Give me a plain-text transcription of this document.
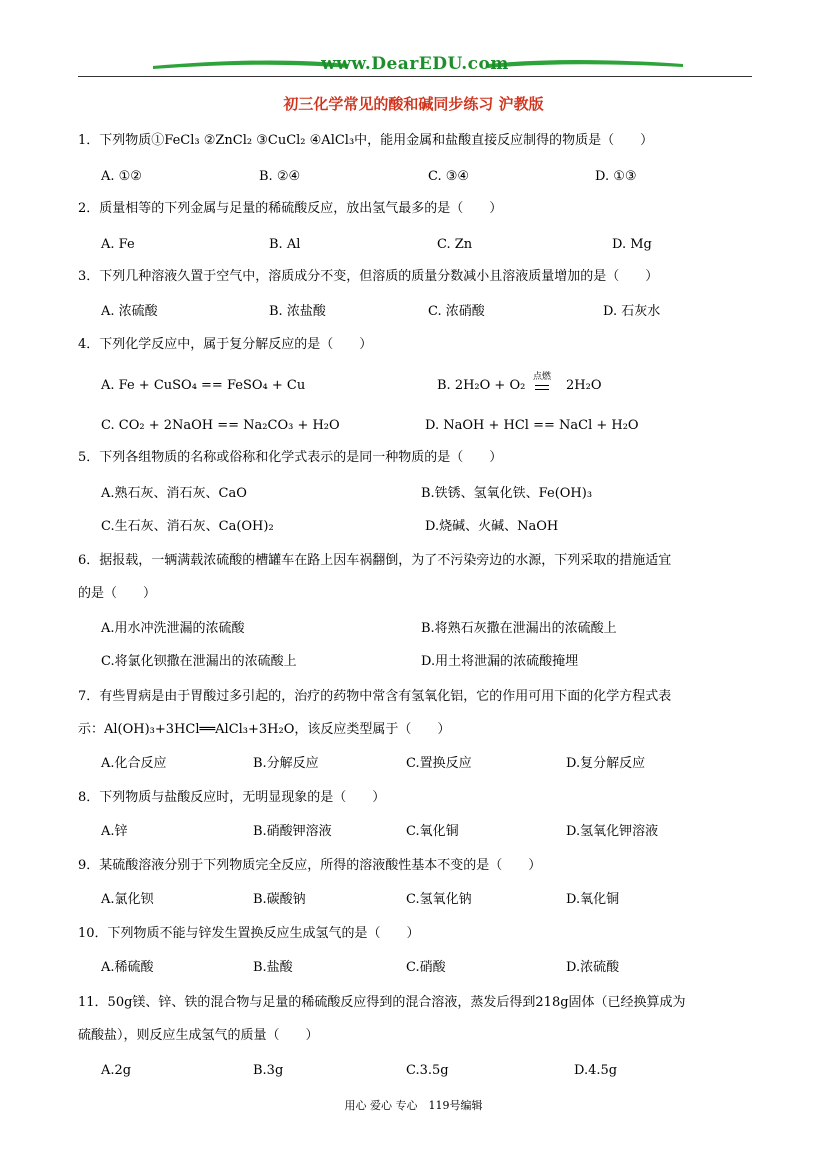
www.DearEDU.com
初三化学常见的酸和碱同步练习 沪教版
1．下列物质①FeCl₃ ②ZnCl₂ ③CuCl₂ ④AlCl₃中，能用金属和盐酸直接反应制得的物质是（　　）
A. ①②	B. ②④	C. ③④	D. ①③
2．质量相等的下列金属与足量的稀硫酸反应，放出氢气最多的是（　　）
A. Fe	B. Al	C. Zn	D. Mg
3．下列几种溶液久置于空气中，溶质成分不变，但溶质的质量分数减小且溶液质量增加的是（　　）
A. 浓硫酸	B. 浓盐酸	C. 浓硝酸	D. 石灰水
4．下列化学反应中，属于复分解反应的是（　　）
A. Fe + CuSO₄ == FeSO₄ + Cu	B. 2H₂O + O₂
点燃
2H₂O
C. CO₂ + 2NaOH == Na₂CO₃ + H₂O	D. NaOH + HCl == NaCl + H₂O
5．下列各组物质的名称或俗称和化学式表示的是同一种物质的是（　　）
A.熟石灰、消石灰、CaO	B.铁锈、氢氧化铁、Fe(OH)₃
C.生石灰、消石灰、Ca(OH)₂	D.烧碱、火碱、NaOH
6．据报载，一辆满载浓硫酸的槽罐车在路上因车祸翻倒，为了不污染旁边的水源，下列采取的措施适宜
的是（　　）
A.用水冲洗泄漏的浓硫酸	B.将熟石灰撒在泄漏出的浓硫酸上
C.将氯化钡撒在泄漏出的浓硫酸上	D.用土将泄漏的浓硫酸掩埋
7．有些胃病是由于胃酸过多引起的，治疗的药物中常含有氢氧化铝，它的作用可用下面的化学方程式表
示：Al(OH)₃+3HCl══AlCl₃+3H₂O，该反应类型属于（　　）
A.化合反应	B.分解反应	C.置换反应	D.复分解反应
8．下列物质与盐酸反应时，无明显现象的是（　　）
A.锌	B.硝酸钾溶液	C.氧化铜	D.氢氧化钾溶液
9．某硫酸溶液分别于下列物质完全反应，所得的溶液酸性基本不变的是（　　）
A.氯化钡	B.碳酸钠	C.氢氧化钠	D.氧化铜
10．下列物质不能与锌发生置换反应生成氢气的是（　　）
A.稀硫酸	B.盐酸	C.硝酸	D.浓硫酸
11．50g镁、锌、铁的混合物与足量的稀硫酸反应得到的混合溶液，蒸发后得到218g固体（已经换算成为
硫酸盐），则反应生成氢气的质量（　　）
A.2g	B.3g	C.3.5g	D.4.5g
用心 爱心 专心　119号编辑
